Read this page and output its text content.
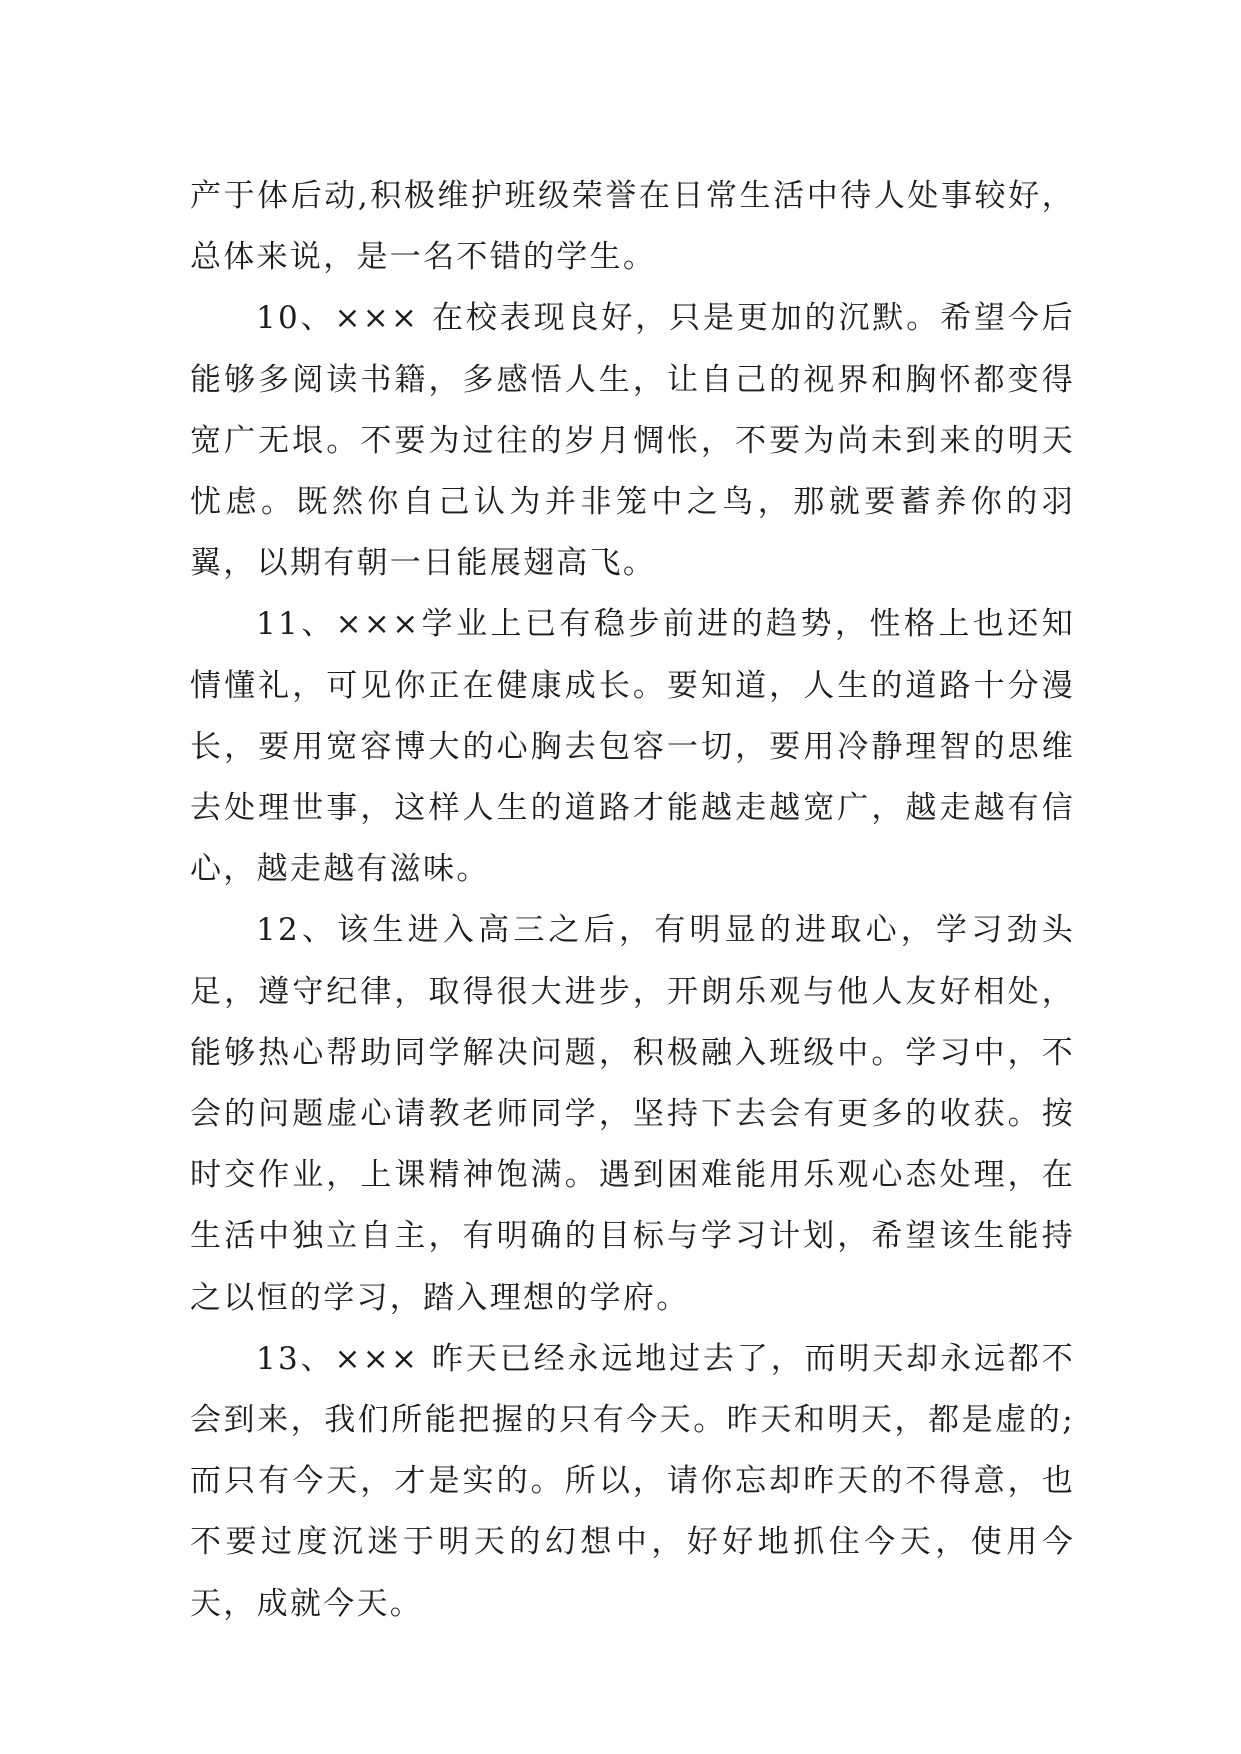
产于体后动,积极维护班级荣誉在日常生活中待人处事较好，总体来说，是一名不错的学生。

10、××× 在校表现良好，只是更加的沉默。希望今后能够多阅读书籍，多感悟人生，让自己的视界和胸怀都变得宽广无垠。不要为过往的岁月惆怅，不要为尚未到来的明天忧虑。既然你自己认为并非笼中之鸟，那就要蓄养你的羽翼，以期有朝一日能展翅高飞。

11、×××学业上已有稳步前进的趋势，性格上也还知情懂礼，可见你正在健康成长。要知道，人生的道路十分漫长，要用宽容博大的心胸去包容一切，要用冷静理智的思维去处理世事，这样人生的道路才能越走越宽广，越走越有信心，越走越有滋味。

12、该生进入高三之后，有明显的进取心，学习劲头足，遵守纪律，取得很大进步，开朗乐观与他人友好相处，能够热心帮助同学解决问题，积极融入班级中。学习中，不会的问题虚心请教老师同学，坚持下去会有更多的收获。按时交作业，上课精神饱满。遇到困难能用乐观心态处理，在生活中独立自主，有明确的目标与学习计划，希望该生能持之以恒的学习，踏入理想的学府。

13、××× 昨天已经永远地过去了，而明天却永远都不会到来，我们所能把握的只有今天。昨天和明天，都是虚的;而只有今天，才是实的。所以，请你忘却昨天的不得意，也不要过度沉迷于明天的幻想中，好好地抓住今天，使用今天，成就今天。
